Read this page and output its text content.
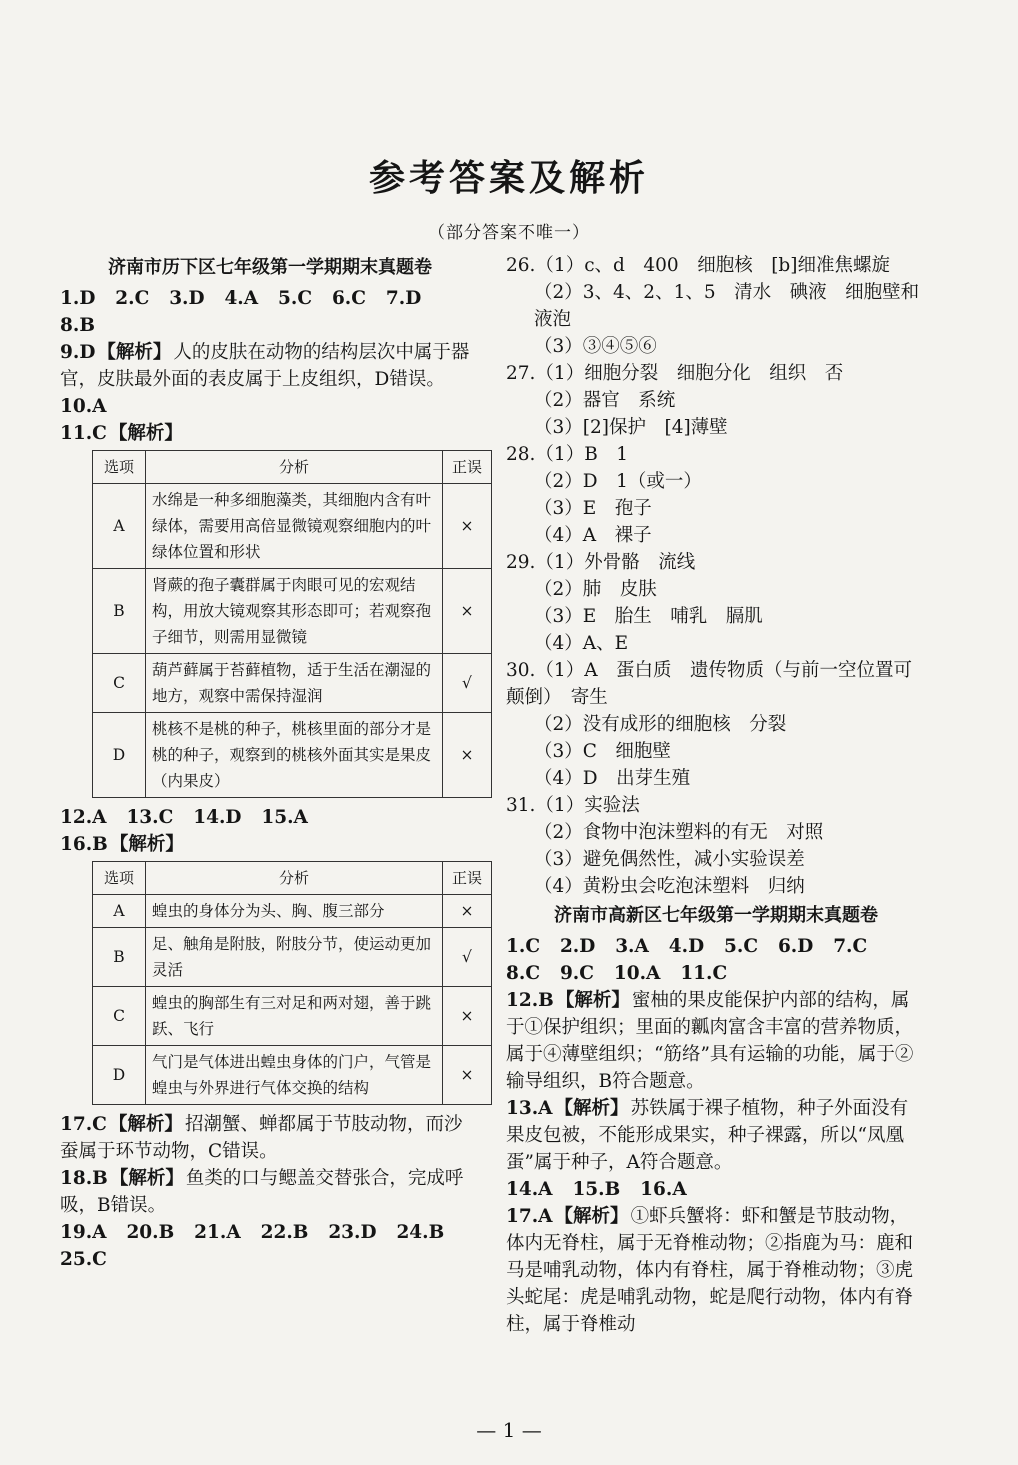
参考答案及解析
（部分答案不唯一）
济南市历下区七年级第一学期期末真题卷
1.D 2.C 3.D 4.A 5.C 6.C 7.D
8.B

9.D 【解析】 人的皮肤在动物的结构层次中属于器官，皮肤最外面的表皮属于上皮组织，D错误。

10.A
11.C 【解析】
选项	分析	正误
A	水绵是一种多细胞藻类，其细胞内含有叶绿体，需要用高倍显微镜观察细胞内的叶绿体位置和形状	×
B	肾蕨的孢子囊群属于肉眼可见的宏观结构，用放大镜观察其形态即可；若观察孢子细节，则需用显微镜	×
C	葫芦藓属于苔藓植物，适于生活在潮湿的地方，观察中需保持湿润	√
D	桃核不是桃的种子，桃核里面的部分才是桃的种子，观察到的桃核外面其实是果皮（内果皮）	×
12.A 13.C 14.D 15.A
16.B 【解析】
选项	分析	正误
A	蝗虫的身体分为头、胸、腹三部分	×
B	足、触角是附肢，附肢分节，使运动更加灵活	√
C	蝗虫的胸部生有三对足和两对翅，善于跳跃、飞行	×
D	气门是气体进出蝗虫身体的门户，气管是蝗虫与外界进行气体交换的结构	×

17.C 【解析】 招潮蟹、蝉都属于节肢动物，而沙蚕属于环节动物，C错误。

18.B 【解析】 鱼类的口与鳃盖交替张合，完成呼吸，B错误。

19.A 20.B 21.A 22.B 23.D 24.B
25.C
26.（1）c、d　400　细胞核　[b]细准焦螺旋
（2）3、4、2、1、5　清水　碘液　细胞壁和液泡
（3）③④⑤⑥
27.（1）细胞分裂　细胞分化　组织　否
（2）器官　系统
（3）[2]保护　[4]薄壁
28.（1）B　1
（2）D　1（或一）
（3）E　孢子
（4）A　裸子
29.（1）外骨骼　流线
（2）肺　皮肤
（3）E　胎生　哺乳　膈肌
（4）A、E
30.（1）A　蛋白质　遗传物质（与前一空位置可颠倒）　寄生
（2）没有成形的细胞核　分裂
（3）C　细胞壁
（4）D　出芽生殖
31.（1）实验法
（2）食物中泡沫塑料的有无　对照
（3）避免偶然性，减小实验误差
（4）黄粉虫会吃泡沫塑料　归纳
济南市高新区七年级第一学期期末真题卷
1.C 2.D 3.A 4.D 5.C 6.D 7.C
8.C 9.C 10.A 11.C

12.B 【解析】 蜜柚的果皮能保护内部的结构，属于①保护组织；里面的瓤肉富含丰富的营养物质，属于④薄壁组织；“筋络”具有运输的功能，属于②输导组织，B符合题意。

13.A 【解析】 苏铁属于裸子植物，种子外面没有果皮包被，不能形成果实，种子裸露，所以“凤凰蛋”属于种子，A符合题意。

14.A 15.B 16.A

17.A 【解析】 ①虾兵蟹将：虾和蟹是节肢动物，体内无脊柱，属于无脊椎动物；②指鹿为马：鹿和马是哺乳动物，体内有脊柱，属于脊椎动物；③虎头蛇尾：虎是哺乳动物，蛇是爬行动物，体内有脊柱，属于脊椎动

— 1 —
